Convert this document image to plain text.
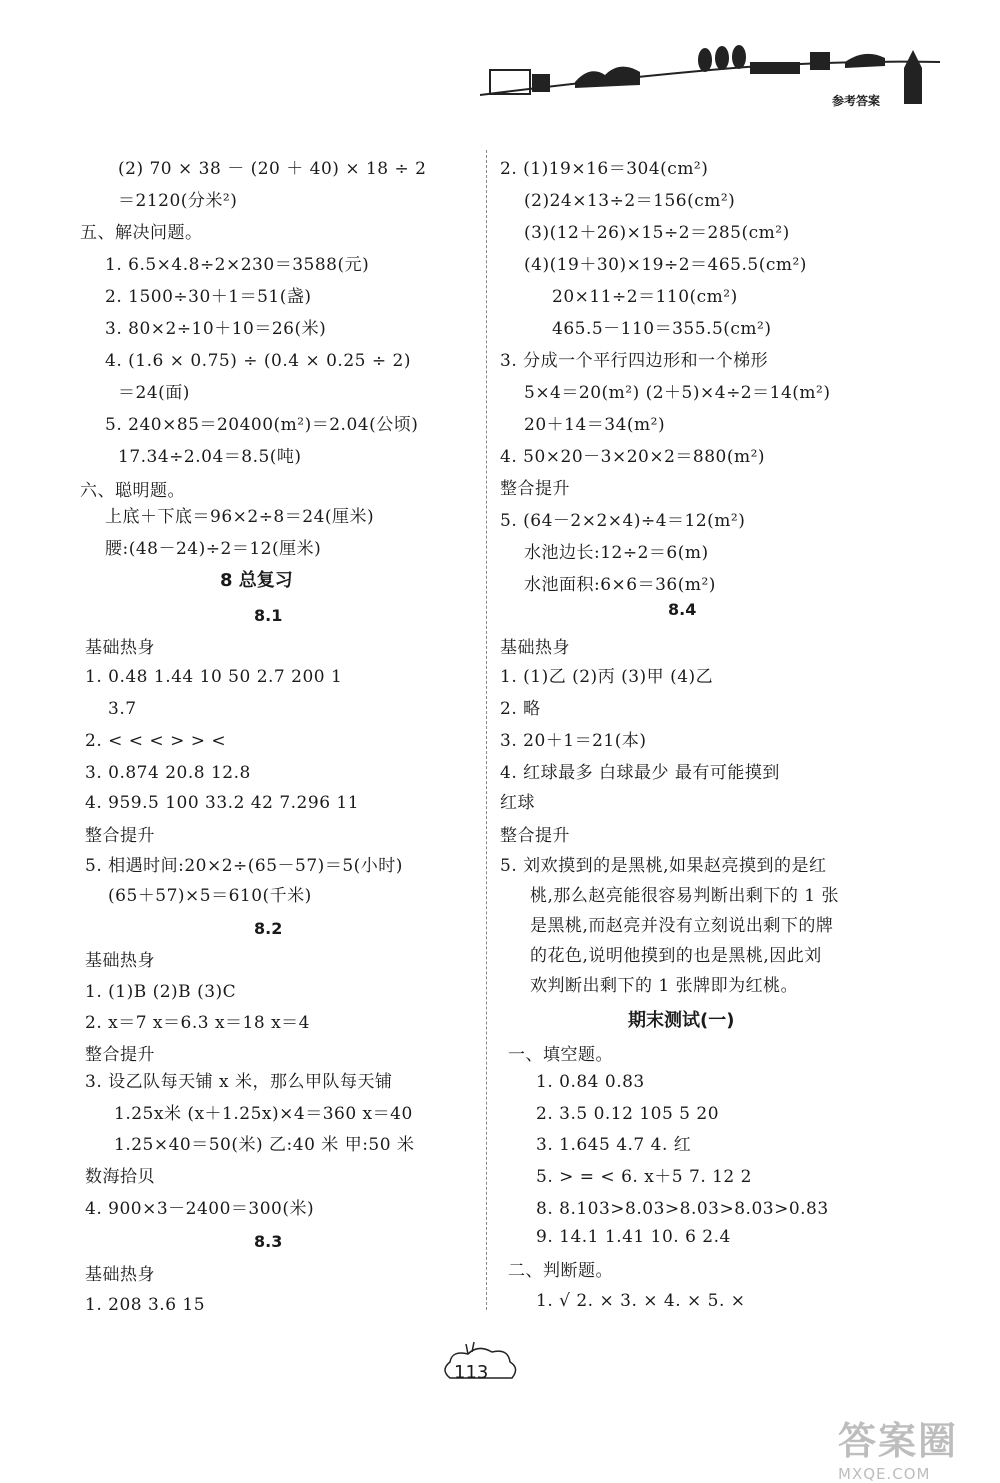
参考答案
(2) 70 × 38 － (20 ＋ 40) × 18 ÷ 2
＝2120(分米²)
五、解决问题。
1. 6.5×4.8÷2×230＝3588(元)
2. 1500÷30＋1＝51(盏)
3. 80×2÷10＋10＝26(米)
4. (1.6 × 0.75) ÷ (0.4 × 0.25 ÷ 2)
＝24(面)
5. 240×85＝20400(m²)＝2.04(公顷)
17.34÷2.04＝8.5(吨)
六、聪明题。
上底＋下底＝96×2÷8＝24(厘米)
腰:(48－24)÷2＝12(厘米)
基础热身
1. 0.48 1.44 10 50 2.7 200 1
3.7
2. < < < > > <
3. 0.874 20.8 12.8
4. 959.5 100 33.2 42 7.296 11
整合提升
5. 相遇时间:20×2÷(65－57)＝5(小时)
(65＋57)×5＝610(千米)
基础热身
1. (1)B (2)B (3)C
2. x＝7 x＝6.3 x＝18 x＝4
整合提升
3. 设乙队每天铺 x 米，那么甲队每天铺
1.25x米 (x＋1.25x)×4＝360 x＝40
1.25×40＝50(米) 乙:40 米 甲:50 米
数海拾贝
4. 900×3－2400＝300(米)
基础热身
1. 208 3.6 15
8 总复习
8.1
8.2
8.3
2. (1)19×16＝304(cm²)
(2)24×13÷2＝156(cm²)
(3)(12＋26)×15÷2＝285(cm²)
(4)(19＋30)×19÷2＝465.5(cm²)
20×11÷2＝110(cm²)
465.5－110＝355.5(cm²)
3. 分成一个平行四边形和一个梯形
5×4＝20(m²) (2＋5)×4÷2＝14(m²)
20＋14＝34(m²)
4. 50×20－3×20×2＝880(m²)
整合提升
5. (64－2×2×4)÷4＝12(m²)
水池边长:12÷2＝6(m)
水池面积:6×6＝36(m²)
基础热身
1. (1)乙 (2)丙 (3)甲 (4)乙
2. 略
3. 20＋1＝21(本)
4. 红球最多 白球最少 最有可能摸到
红球
整合提升
5. 刘欢摸到的是黑桃,如果赵亮摸到的是红
桃,那么赵亮能很容易判断出剩下的 1 张
是黑桃,而赵亮并没有立刻说出剩下的牌
的花色,说明他摸到的也是黑桃,因此刘
欢判断出剩下的 1 张牌即为红桃。
一、填空题。
1. 0.84 0.83
2. 3.5 0.12 105 5 20
3. 1.645 4.7 4. 红
5. > = < 6. x＋5 7. 12 2
8. 8.103>8.03>8.03>8.03>0.83
9. 14.1 1.41 10. 6 2.4
二、判断题。
1. √ 2. × 3. × 4. × 5. ×
8.4
期末测试(一)
113
答案圈
MXQE.COM
